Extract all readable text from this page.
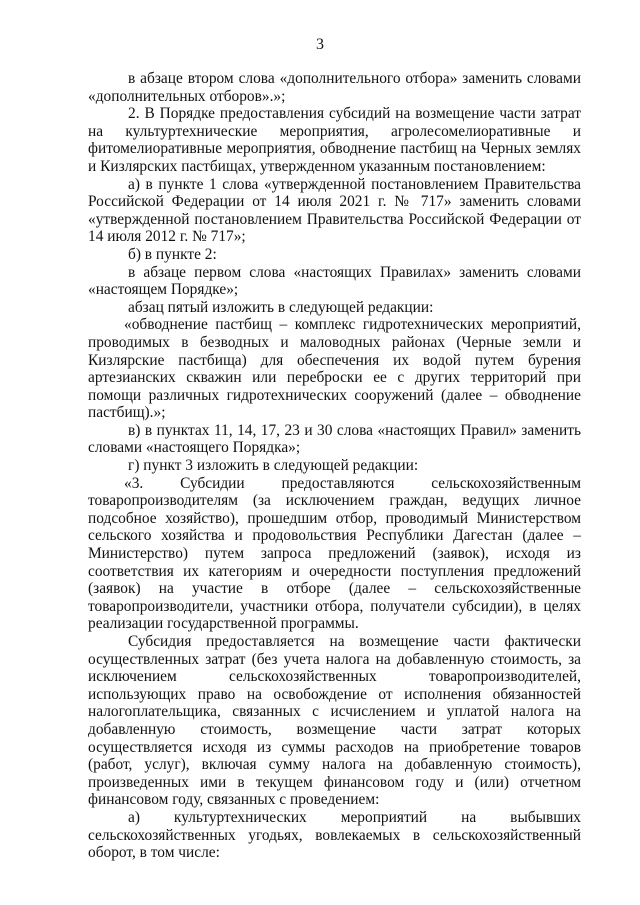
3

в абзаце втором слова «дополнительного отбора» заменить словами «дополнительных отборов».»;

2. В Порядке предоставления субсидий на возмещение части затрат на культуртехнические мероприятия, агролесомелиоративные и фитомелиоративные мероприятия, обводнение пастбищ на Черных землях и Кизлярских пастбищах, утвержденном указанным постановлением:

а) в пункте 1 слова «утвержденной постановлением Правительства Российской Федерации от 14 июля 2021 г. № 717» заменить словами «утвержденной постановлением Правительства Российской Федерации от 14 июля 2012 г. № 717»;

б) в пункте 2:

в абзаце первом слова «настоящих Правилах» заменить словами «настоящем Порядке»;

абзац пятый изложить в следующей редакции:

«обводнение пастбищ – комплекс гидротехнических мероприятий, проводимых в безводных и маловодных районах (Черные земли и Кизлярские пастбища) для обеспечения их водой путем бурения артезианских скважин или переброски ее с других территорий при помощи различных гидротехнических сооружений (далее – обводнение пастбищ).»;

в) в пунктах 11, 14, 17, 23 и 30 слова «настоящих Правил» заменить словами «настоящего Порядка»;

г) пункт 3 изложить в следующей редакции:

«3. Субсидии предоставляются сельскохозяйственным товаропроизводителям (за исключением граждан, ведущих личное подсобное хозяйство), прошедшим отбор, проводимый Министерством сельского хозяйства и продовольствия Республики Дагестан (далее – Министерство) путем запроса предложений (заявок), исходя из соответствия их категориям и очередности поступления предложений (заявок) на участие в отборе (далее – сельскохозяйственные товаропроизводители, участники отбора, получатели субсидии), в целях реализации государственной программы.

Субсидия предоставляется на возмещение части фактически осуществленных затрат (без учета налога на добавленную стоимость, за исключением сельскохозяйственных товаропроизводителей, использующих право на освобождение от исполнения обязанностей налогоплательщика, связанных с исчислением и уплатой налога на добавленную стоимость, возмещение части затрат которых осуществляется исходя из суммы расходов на приобретение товаров (работ, услуг), включая сумму налога на добавленную стоимость), произведенных ими в текущем финансовом году и (или) отчетном финансовом году, связанных с проведением:

а) культуртехнических мероприятий на выбывших сельскохозяйственных угодьях, вовлекаемых в сельскохозяйственный оборот, в том числе:
